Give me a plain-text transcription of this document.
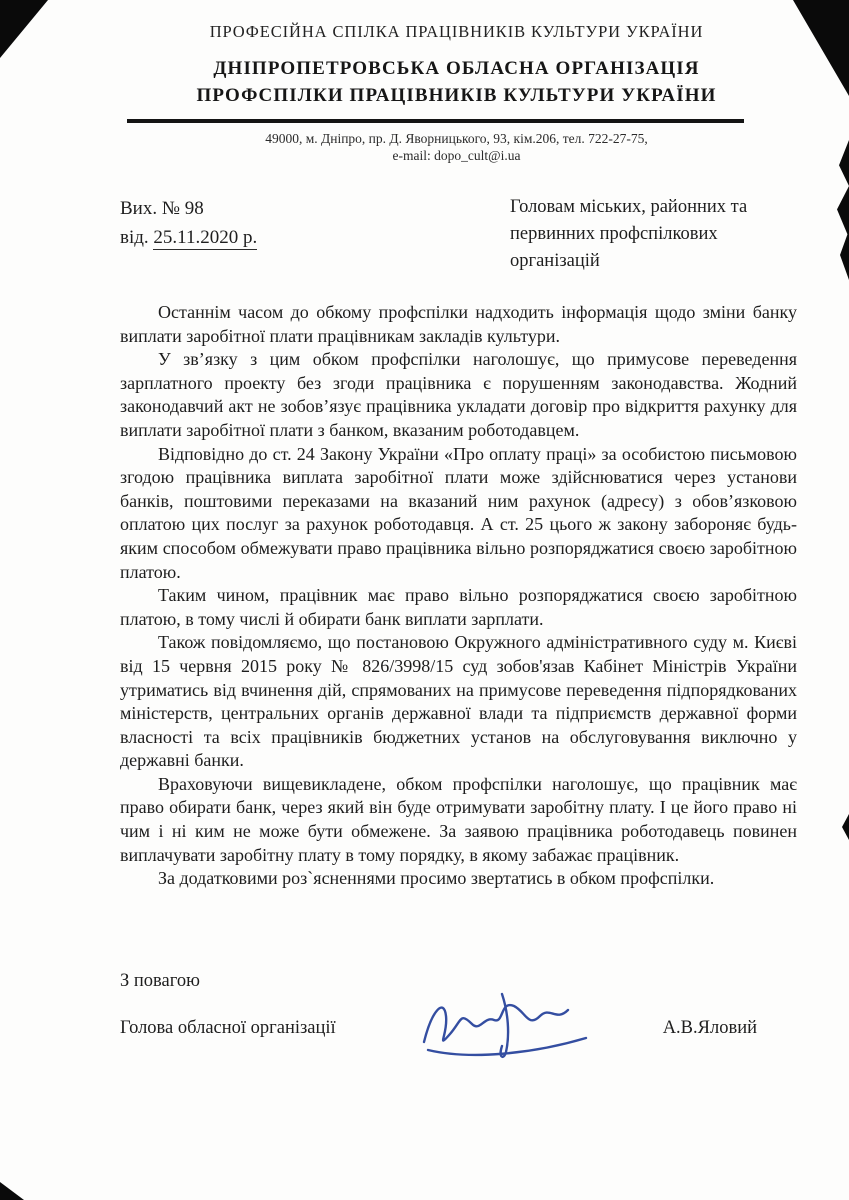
ПРОФЕСІЙНА СПІЛКА ПРАЦІВНИКІВ КУЛЬТУРИ УКРАЇНИ
ДНІПРОПЕТРОВСЬКА ОБЛАСНА ОРГАНІЗАЦІЯ
ПРОФСПІЛКИ ПРАЦІВНИКІВ КУЛЬТУРИ УКРАЇНИ
49000, м. Дніпро, пр. Д. Яворницького, 93, кім.206, тел. 722-27-75,
e-mail: dopo_cult@i.ua
Вих. № 98
від. 25.11.2020 р.
Головам міських, районних та
первинних профспілкових
організацій

Останнім часом до обкому профспілки надходить інформація щодо зміни банку виплати заробітної плати працівникам закладів культури.

У зв’язку з цим обком профспілки наголошує, що примусове переведення зарплатного проекту без згоди працівника є порушенням законодавства. Жодний законодавчий акт не зобов’язує працівника укладати договір про відкриття рахунку для виплати заробітної плати з банком, вказаним роботодавцем.

Відповідно до ст. 24 Закону України «Про оплату праці» за особистою письмовою згодою працівника виплата заробітної плати може здійснюватися через установи банків, поштовими переказами на вказаний ним рахунок (адресу) з обов’язковою оплатою цих послуг за рахунок роботодавця. А ст. 25 цього ж закону забороняє будь-яким способом обмежувати право працівника вільно розпоряджатися своєю заробітною платою.

Таким чином, працівник має право вільно розпоряджатися своєю заробітною платою, в тому числі й обирати банк виплати зарплати.

Також повідомляємо, що постановою Окружного адміністративного суду м. Києві від 15 червня 2015 року № 826/3998/15 суд зобов'язав Кабінет Міністрів України утриматись від вчинення дій, спрямованих на примусове переведення підпорядкованих міністерств, центральних органів державної влади та підприємств державної форми власності та всіх працівників бюджетних установ на обслуговування виключно у державні банки.

Враховуючи вищевикладене, обком профспілки наголошує, що працівник має право обирати банк, через який він буде отримувати заробітну плату. І це його право ні чим і ні ким не може бути обмежене. За заявою працівника роботодавець повинен виплачувати заробітну плату в тому порядку, в якому забажає працівник.

За додатковими роз`ясненнями просимо звертатись в обком профспілки.

З повагою
Голова обласної організації	А.В.Яловий
